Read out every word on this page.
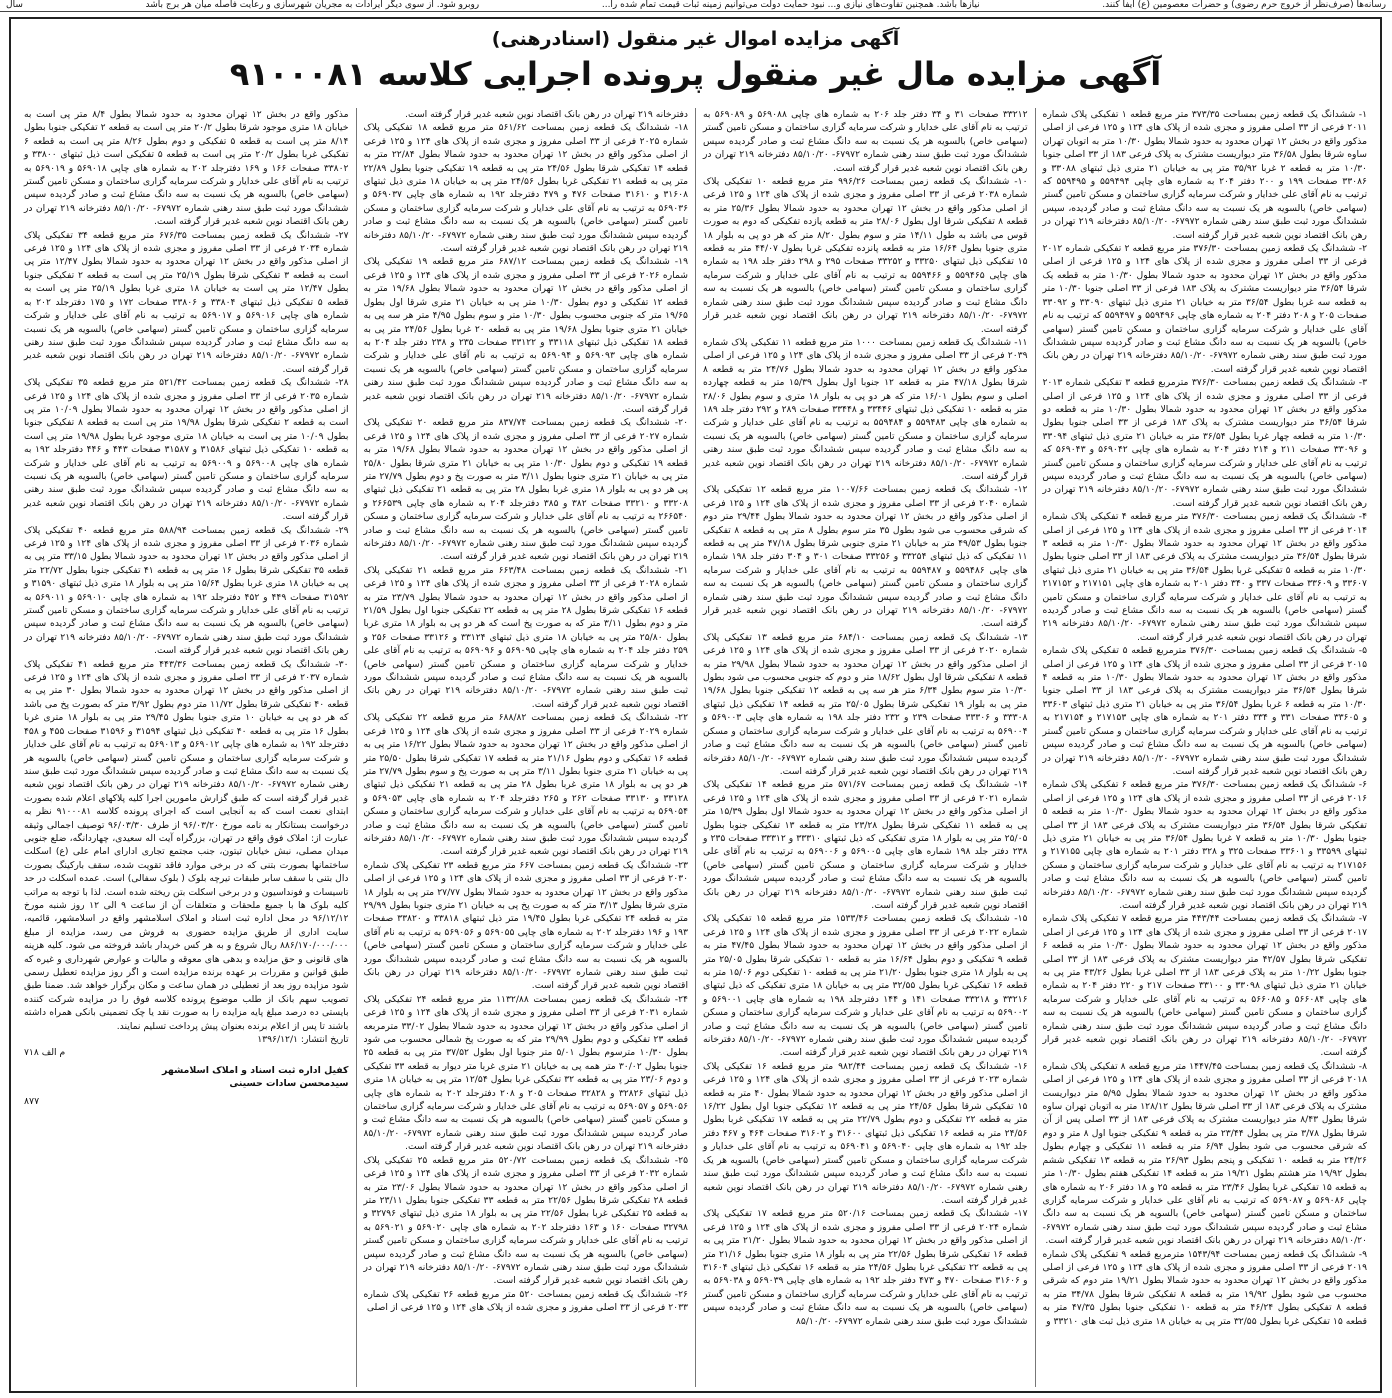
رسانه‌ها (صرف‌نظر از خروج حرم رضوی) و حضرات معصومین (ع) ایفا کنند.
نیازها باشد. همچنین تفاوت‌های نیازی و... نبود حمایت دولت می‌توانیم زمینه ثبات قیمت تمام شده را...
روبرو شود. از سوی دیگر ایرادات به مجریان شهرسازی و رعایت فاصله میان هر برج باشد
سال
آگهی مزایده اموال غیر منقول (اسنادرهنی)
آگهی مزایده مال غیر منقول پرونده اجرایی کلاسه ۹۱۰۰۰۸۱

۱- ششدانگ یک قطعه زمین بمساحت ۳۷۳/۳۵ متر مربع قطعه ۱ تفکیکی پلاک شماره ۲۰۱۱ فرعی از ۳۳ اصلی مفروز و مجزی شده از پلاک های ۱۲۴ و ۱۲۵ فرعی از اصلی مذکور واقع در بخش ۱۲ تهران محدود به حدود شمالا بطول ۱۰/۳۰ متر به اتوبان تهران ساوه شرقا بطول ۳۶/۵۸ متر دیواریست مشترک به پلاک فرعی ۱۸۳ از ۳۳ اصلی جنوبا ۱۰/۳۰ متر به قطعه ۲ غربا ۳۵/۹۲ متر پی به خیابان ۲۱ متری ذیل ثبتهای ۳۳۰۸۸ و ۳۳۰۸۶ صفحات ۱۹۹ و ۲۰۰ دفتر ۲۰۴ به شماره های چاپی ۵۵۹۴۹۴ و ۵۵۹۴۹۵ که ترتیب به نام آقای علی خدایار و شرکت سرمایه گزاری ساختمان و مسکن تامین گستر (سهامی خاص) بالسویه هر یک نسبت به سه دانگ مشاع ثبت و صادر گردیده، سپس ششدانگ مورد ثبت طبق سند رهنی شماره ۶۷۹۷۲- ۸۵/۱۰/۲۰ دفترخانه ۲۱۹ تهران در رهن بانک اقتصاد نوین شعبه غدیر قرار گرفته است.

۲- ششدانگ یک قطعه زمین بمساحت ۳۷۶/۳۰ متر مربع قطعه ۲ تفکیکی شماره ۲۰۱۲ فرعی از ۳۳ اصلی مفروز و مجزی شده از پلاک های ۱۲۴ و ۱۲۵ فرعی از اصلی مذکور واقع در بخش ۱۲ تهران محدود به حدود شمالا بطول ۱۰/۳۰ متر به قطعه یک شرقا ۳۶/۵۴ متر دیواریست مشترک به پلاک ۱۸۳ فرعی از ۳۳ اصلی جنوبا ۱۰/۳۰ متر به قطعه سه غربا بطول ۳۶/۵۴ متر به خیابان ۲۱ متری ذیل ثبتهای ۳۳۰۹۰ و ۳۳۰۹۲ صفحات ۲۰۵ و ۲۰۸ دفتر ۲۰۴ به شماره های چاپی ۵۵۹۴۹۶ و ۵۵۹۴۹۷ که ترتیب به نام آقای علی خدایار و شرکت سرمایه گزاری ساختمان و مسکن تامین گستر (سهامی خاص) بالسویه هر یک نسبت به سه دانگ مشاع ثبت و صادر گردیده سپس ششدانگ مورد ثبت طبق سند رهنی شماره ۶۷۹۷۲- ۸۵/۱۰/۲۰ دفترخانه ۲۱۹ تهران در رهن بانک اقتصاد نوین شعبه غدیر قرار گرفته است.

۳- ششدانگ یک قطعه زمین بمساحت ۳۷۶/۳۰ مترمربع قطعه ۳ تفکیکی شماره ۲۰۱۳ فرعی از ۳۳ اصلی مفروز و مجزی شده از پلاک های ۱۲۴ و ۱۲۵ فرعی از اصلی مذکور واقع در بخش ۱۲ تهران محدود به حدود شمالا بطول ۱۰/۳۰ متر به قطعه دو شرقا ۳۶/۵۴ متر دیواریست مشترک به پلاک ۱۸۳ فرعی از ۳۳ اصلی جنوبا بطول ۱۰/۳۰ متر به قطعه چهار غربا بطول ۳۶/۵۴ متر به خیابان ۲۱ متری ذیل ثبتهای ۳۳۰۹۴ و ۳۳۰۹۶ صفحات ۲۱۱ و ۲۱۴ دفتر ۲۰۴ به شماره های چاپی ۵۶۹۰۴۲ و ۵۶۹۰۴۳ که ترتیب به نام آقای علی خدایار و شرکت سرمایه گزاری ساختمان و مسکن تامین گستر (سهامی خاص) بالسویه هر یک نسبت به سه دانگ مشاع ثبت و صادر گردیده سپس ششدانگ مورد ثبت طبق سند رهنی شماره ۶۷۹۷۲- ۸۵/۱۰/۲۰ دفترخانه ۲۱۹ تهران در رهن بانک اقتصاد نوین شعبه غدیر قرار گرفته است.

۴- ششدانگ یک قطعه زمین بمساحت ۳۷۶/۳۰ متر مربع قطعه ۴ تفکیکی پلاک شماره ۲۰۱۴ فرعی از ۳۳ اصلی مفروز و مجزی شده از پلاک های ۱۲۴ و ۱۲۵ فرعی از اصلی مذکور واقع در بخش ۱۲ تهران محدود به حدود شمالا بطول ۱۰/۳۰ متر به قطعه ۳ شرقا بطول ۳۶/۵۴ متر دیواریست مشترک به پلاک فرعی ۱۸۳ از ۳۳ اصلی جنوبا بطول ۱۰/۳۰ متر به قطعه ۵ تفکیکی غربا بطول ۳۶/۵۴ متر پی به خیابان ۲۱ متری ذیل ثبتهای ۳۳۶۰۷ و ۳۳۶۰۹ صفحات ۳۳۷ و ۳۴۰ دفتر ۲۰۱ به شماره های چاپی ۲۱۷۱۵۱ و ۲۱۷۱۵۲ به ترتیب به نام آقای علی خدایار و شرکت سرمایه گزاری ساختمان و مسکن تامین گستر (سهامی خاص) بالسویه هر یک نسبت به سه دانگ مشاع ثبت و صادر گردیده سپس ششدانگ مورد ثبت طبق سند رهنی شماره ۶۷۹۷۲- ۸۵/۱۰/۲۰ دفترخانه ۲۱۹ تهران در رهن بانک اقتصاد نوین شعبه غدیر قرار گرفته است.

۵- ششدانگ یک قطعه زمین بمساحت ۳۷۶/۳۰ مترمربع قطعه ۵ تفکیکی پلاک شماره ۲۰۱۵ فرعی از ۳۳ اصلی مفروز و مجزی شده از پلاک های ۱۲۴ و ۱۲۵ فرعی از اصلی مذکور واقع در بخش ۱۲ تهران محدود به حدود شمالا بطول ۱۰/۳۰ متر به قطعه ۴ شرقا بطول ۳۶/۵۴ متر دیواریست مشترک به پلاک فرعی ۱۸۳ از ۳۳ اصلی جنوبا ۱۰/۳۰ متر به قطعه ۶ غربا بطول ۳۶/۵۴ متر پی به خیابان ۲۱ متری ذیل ثبتهای ۳۳۶۰۳ و ۳۳۶۰۵ صفحات ۳۳۱ و ۳۳۴ دفتر ۲۰۱ به شماره های چاپی ۲۱۷۱۵۳ و ۲۱۷۱۵۴ به ترتیب به نام آقای علی خدایار و شرکت سرمایه گزاری ساختمان و مسکن تامین گستر (سهامی خاص) بالسویه هر یک نسبت به سه دانگ مشاع ثبت و صادر گردیده سپس ششدانگ مورد ثبت طبق سند رهنی شماره ۶۷۹۷۲- ۸۵/۱۰/۲۰ دفترخانه ۲۱۹ تهران در رهن بانک اقتصاد نوین شعبه غدیر قرار گرفته است.

۶- ششدانگ یک قطعه زمین بمساحت ۳۷۶/۳۰ متر مربع قطعه ۶ تفکیکی پلاک شماره ۲۰۱۶ فرعی از ۳۳ اصلی مفروز و مجزی شده از پلاک های ۱۲۴ و ۱۲۵ فرعی از اصلی مذکور واقع در بخش ۱۲ تهران محدود به حدود شمالا بطول ۱۰/۳۰ متر به قطعه ۵ تفکیکی شرقا بطول ۳۶/۵۴ متر دیواریست مشترک به پلاک فرعی ۱۸۳ از ۳۳ اصلی جنوبا بطول ۱۰/۳۰ متر به قطعه ۷ غربا بطول ۳۶/۵۴ متر پی به خیابان ۲۱ متری ذیل ثبتهای ۳۳۵۹۹ و ۳۳۶۰۱ صفحات ۳۲۵ و ۳۲۸ دفتر ۲۰۱ به شماره های چاپی ۲۱۷۱۵۵ و ۲۱۷۱۵۶ به ترتیب به نام آقای علی خدایار و شرکت سرمایه گزاری ساختمان و مسکن تامین گستر (سهامی خاص) بالسویه هر یک نسبت به سه دانگ مشاع ثبت و صادر گردیده سپس ششدانگ مورد ثبت طبق سند رهنی شماره ۶۷۹۷۲- ۸۵/۱۰/۲۰ دفترخانه ۲۱۹ تهران در رهن بانک اقتصاد نوین شعبه غدیر قرار گرفته است.

۷- ششدانگ یک قطعه زمین بمساحت ۴۴۳/۴۴ متر مربع قطعه ۷ تفکیکی پلاک شماره ۲۰۱۷ فرعی از ۳۳ اصلی مفروز و مجزی شده از پلاک های ۱۲۴ و ۱۲۵ فرعی از اصلی مذکور واقع در بخش ۱۲ تهران محدود به حدود شمالا بطول ۱۰/۳۰ متر به قطعه ۶ تفکیکی شرقا بطول ۴۲/۵۷ متر دیواریست مشترک به پلاک فرعی ۱۸۳ از ۳۳ اصلی جنوبا بطول ۱۰/۲۲ متر به پلاک فرعی ۱۸۳ از ۳۳ اصلی غربا بطول ۴۳/۲۶ متر پی به خیابان ۲۱ متری ذیل ثبتهای ۳۳۰۹۸ و ۳۳۱۰۰ صفحات ۲۱۷ و ۲۲۰ دفتر ۲۰۴ به شماره های چاپی ۵۶۶۰۸۴ و ۵۶۶۰۸۵ به ترتیب به نام آقای علی خدایار و شرکت سرمایه گزاری ساختمان و مسکن تامین گستر (سهامی خاص) بالسویه هر یک نسبت به سه دانگ مشاع ثبت و صادر گردیده سپس ششدانگ مورد ثبت طبق سند رهنی شماره ۶۷۹۷۲- ۸۵/۱۰/۲۰ دفترخانه ۲۱۹ تهران در رهن بانک اقتصاد نوین شعبه غدیر قرار گرفته است.

۸- ششدانگ یک قطعه زمین بمساحت ۱۴۴۷/۴۵ متر مربع قطعه ۸ تفکیکی پلاک شماره ۲۰۱۸ فرعی از ۳۳ اصلی مفروز و مجزی شده از پلاک های ۱۲۴ و ۱۲۵ فرعی از اصلی مذکور واقع در بخش ۱۲ تهران محدود به حدود شمالا بطول ۵/۹۵ متر دیواریست مشترک به پلاک فرعی ۱۸۳ از ۳۳ اصلی شرقا بطول ۱۲۸/۱۲ متر به اتوبان تهران ساوه شرقا بطول ۸/۴۳ متر دیواریست مشترک به پلاک فرعی ۱۸۳ از ۳۳ اصلی پس از آن شرقا بطول ۳/۷۸ متر پی بطول ۲۳/۴۴ متر به قطعه ۹ تفکیکی جنوبا اول ۸ متر و دوم که شرقی محسوب می شود بطول ۶/۹۴ متر به قطعه ۱۱ تفکیکی و چهارم بطول ۲۴/۲۶ متر به قطعه ۱۰ تفکیکی و پنجم بطول ۲۶/۹۳ متر به قطعه ۱۳ تفکیکی ششم بطول ۱۹/۹۲ متر هشتم بطول ۱۹/۲۱ متر به قطعه ۱۴ تفکیکی هفتم بطول ۱۰/۳۰ متر به قطعه ۱۵ تفکیکی غربا بطول ۲۳/۴۶ متر به قطعه ۲۵ و ۱۸ دفتر ۲۰۶ به شماره های چاپی ۵۶۹۰۸۶ و ۵۶۹۰۸۷ که ترتیب به نام آقای علی خدایار و شرکت سرمایه گزاری ساختمان و مسکن تامین گستر (سهامی خاص) بالسویه هر یک نسبت به سه دانگ مشاع ثبت و صادر گردیده سپس ششدانگ مورد ثبت طبق سند رهنی شماره ۶۷۹۷۲- ۸۵/۱۰/۲۰ دفترخانه ۲۱۹ تهران در رهن بانک اقتصاد نوین شعبه غدیر قرار گرفته است.

۹- ششدانگ یک قطعه زمین بمساحت ۱۵۴۳/۹۴ مترمربع قطعه ۹ تفکیکی پلاک شماره ۲۰۱۹ فرعی از ۳۳ اصلی مفروز و مجزی شده از پلاک های ۱۲۴ و ۱۲۵ فرعی از اصلی مذکور واقع در بخش ۱۲ تهران محدود به حدود شمالا بطول ۱۹/۲۱ متر دوم که شرقی محسوب می شود بطول ۱۹/۹۲ متر به قطعه ۸ تفکیکی شرقا بطول ۳۴/۷۸ متر به قطعه ۸ تفکیکی بطول ۴۶/۲۴ متر به قطعه ۱۰ تفکیکی جنوبا بطول ۴۷/۳۵ متر به قطعه ۱۵ تفکیکی غربا بطول ۳۲/۵۵ متر پی به خیابان ۱۸ متری ذیل ثبت های ۳۳۲۱۰ و

۳۳۲۱۲ صفحات ۳۱ و ۳۴ دفتر جلد ۲۰۶ به شماره های چاپی ۵۶۹۰۸۸ و ۵۶۹۰۸۹ به ترتیب به نام آقای علی خدایار و شرکت سرمایه گزاری ساختمان و مسکن تامین گستر (سهامی خاص) بالسویه هر یک نسبت به سه دانگ مشاع ثبت و صادر گردیده سپس ششدانگ مورد ثبت طبق سند رهنی شماره ۶۷۹۷۲- ۸۵/۱۰/۲۰ دفترخانه ۲۱۹ تهران در رهن بانک اقتصاد نوین شعبه غدیر قرار گرفته است.

۱۰- ششدانگ یک قطعه زمین بمساحت ۹۹۶/۲۶ متر مربع قطعه ۱۰ تفکیکی پلاک شماره ۲۰۳۸ فرعی از ۳۳ اصلی مفروز و مجزی شده از پلاک های ۱۲۴ و ۱۲۵ فرعی از اصلی مذکور واقع در بخش ۱۲ تهران محدود به حدود شمالا بطول ۲۵/۳۶ متر به قطعه ۸ تفکیکی شرقا اول بطول ۲۸/۰۶ متر به قطعه یازده تفکیکی که دوم به صورت قوس می باشد به طول ۱۴/۱۱ متر و سوم بطول ۸/۲۰ متر که هر دو پی به بلوار ۱۸ متری جنوبا بطول ۱۶/۶۴ متر به قطعه پانزده تفکیکی غربا بطول ۴۴/۰۷ متر به قطعه ۱۵ تفکیکی ذیل ثبتهای ۳۳۲۵۰ و ۳۳۲۵۲ صفحات ۲۹۵ و ۲۹۸ دفتر جلد ۱۹۸ به شماره های چاپی ۵۵۹۴۶۵ و ۵۵۹۴۶۶ به ترتیب به نام آقای علی خدایار و شرکت سرمایه گزاری ساختمان و مسکن تامین گستر (سهامی خاص) بالسویه هر یک نسبت به سه دانگ مشاع ثبت و صادر گردیده سپس ششدانگ مورد ثبت طبق سند رهنی شماره ۶۷۹۷۲- ۸۵/۱۰/۲۰ دفترخانه ۲۱۹ تهران در رهن بانک اقتصاد نوین شعبه غدیر قرار گرفته است.

۱۱- ششدانگ یک قطعه زمین بمساحت ۱۰۰۰ متر مربع قطعه ۱۱ تفکیکی پلاک شماره ۲۰۳۹ فرعی از ۳۳ اصلی مفروز و مجزی شده از پلاک های ۱۲۴ و ۱۲۵ فرعی از اصلی مذکور واقع در بخش ۱۲ تهران محدود به حدود شمالا بطول ۲۴/۷۶ متر به قطعه ۸ شرقا بطول ۴۷/۱۸ متر به قطعه ۱۲ جنوبا اول بطول ۱۵/۳۹ متر به قطعه چهارده اصلی و سوم بطول ۱۶/۰۱ متر که هر دو پی به بلوار ۱۸ متری و سوم بطول ۲۸/۰۶ متر به قطعه ۱۰ تفکیکی ذیل ثبتهای ۳۳۴۴۶ و ۳۳۴۴۸ صفحات ۲۸۹ و ۲۹۲ دفتر جلد ۱۸۹ به شماره های چاپی ۵۵۹۴۸۳ و ۵۵۹۴۸۴ به ترتیب به نام آقای علی خدایار و شرکت سرمایه گزاری ساختمان و مسکن تامین گستر (سهامی خاص) بالسویه هر یک نسبت به سه دانگ مشاع ثبت و صادر گردیده سپس ششدانگ مورد ثبت طبق سند رهنی شماره ۶۷۹۷۲- ۸۵/۱۰/۲۰ دفترخانه ۲۱۹ تهران در رهن بانک اقتصاد نوین شعبه غدیر قرار گرفته است.

۱۲- ششدانگ یک قطعه زمین بمساحت ۱۰۰۷/۶۶ متر مربع قطعه ۱۲ تفکیکی پلاک شماره ۲۰۴۰ فرعی از ۳۳ اصلی مفروز و مجزی شده از پلاک های ۱۲۴ و ۱۲۵ فرعی از اصلی مذکور واقع در بخش ۱۲ تهران محدود به حدود شمالا بطول ۲۹/۴۴ متر دوم که شرقی محسوب می شود بطول ۳۵ متر سوم بطول ۸ متر پی به قطعه ۸ تفکیکی جنوبا بطول ۴۹/۵۳ متر به خیابان ۲۱ متری جنوبی شرقا بطول ۴۷/۱۸ متر پی به قطعه ۱۱ تفکیکی که ذیل ثبتهای ۳۳۲۵۴ و ۳۳۲۵۶ صفحات ۳۰۱ و ۳۰۴ دفتر جلد ۱۹۸ شماره های چاپی ۵۵۹۴۸۶ و ۵۵۹۴۸۷ به ترتیب به نام آقای علی خدایار و شرکت سرمایه گزاری ساختمان و مسکن تامین گستر (سهامی خاص) بالسویه هر یک نسبت به سه دانگ مشاع ثبت و صادر گردیده سپس ششدانگ مورد ثبت طبق سند رهنی شماره ۶۷۹۷۲- ۸۵/۱۰/۲۰ دفترخانه ۲۱۹ تهران در رهن بانک اقتصاد نوین شعبه غدیر قرار گرفته است.

۱۳- ششدانگ یک قطعه زمین بمساحت ۶۸۴/۱۰ متر مربع قطعه ۱۳ تفکیکی پلاک شماره ۲۰۲۰ فرعی از ۳۳ اصلی مفروز و مجزی شده از پلاک های ۱۲۴ و ۱۲۵ فرعی از اصلی مذکور واقع در بخش ۱۲ تهران محدود به حدود شمالا بطول ۲۹/۹۸ متر به قطعه ۸ تفکیکی شرقا اول بطول ۱۸/۶۲ متر و دوم که جنوبی محسوب می شود بطول ۱۰/۳۰ متر سوم بطول ۶/۳۴ متر هر سه پی به قطعه ۱۲ تفکیکی جنوبا بطول ۱۹/۶۸ متر پی به بلوار ۱۹ تفکیکی شرقا بطول ۲۵/۰۵ متر به قطعه ۱۴ تفکیکی ذیل ثبتهای ۳۳۳۰۸ و ۳۳۳۰۶ صفحات ۲۳۹ و ۲۳۲ دفتر جلد ۱۹۸ به شماره های چاپی ۵۶۹۰۰۳ و ۵۶۹۰۰۴ به ترتیب به نام آقای علی خدایار و شرکت سرمایه گزاری ساختمان و مسکن تامین گستر (سهامی خاص) بالسویه هر یک نسبت به سه دانگ مشاع ثبت و صادر گردیده سپس ششدانگ مورد ثبت طبق سند رهنی شماره ۶۷۹۷۲- ۸۵/۱۰/۲۰ دفترخانه ۲۱۹ تهران در رهن بانک اقتصاد نوین شعبه غدیر قرار گرفته است.

۱۴- ششدانگ یک قطعه زمین بمساحت ۵۷۱/۶۷ متر مربع قطعه ۱۴ تفکیکی پلاک شماره ۲۰۲۱ فرعی از ۳۳ اصلی مفروز و مجزی شده از پلاک های ۱۲۴ و ۱۲۵ فرعی از اصلی مذکور واقع در بخش ۱۲ تهران محدود به حدود شمالا اول بطول ۱۵/۳۹ متر پی به قطعه ۱۱ تفکیکی شرقا بطول ۲۳/۲۸ متر به قطعه ۱۳ تفکیکی جنوبا بطول ۲۵/۰۵ متر پی به بلوار ۱۸ متری تفکیکی که ذیل ثبتهای ۳۳۳۱۰ و ۳۳۳۱۲ صفحات ۲۳۵ و ۲۳۸ دفتر جلد ۱۹۸ شماره های چاپی ۵۶۹۰۰۵ و ۵۶۹۰۰۶ به ترتیب به نام آقای علی خدایار و شرکت سرمایه گزاری ساختمان و مسکن تامین گستر (سهامی خاص) بالسویه هر یک نسبت به سه دانگ مشاع ثبت و صادر گردیده سپس ششدانگ مورد ثبت طبق سند رهنی شماره ۶۷۹۷۲- ۸۵/۱۰/۲۰ دفترخانه ۲۱۹ تهران در رهن بانک اقتصاد نوین شعبه غدیر قرار گرفته است.

۱۵- ششدانگ یک قطعه زمین بمساحت ۱۵۳۳/۴۶ متر مربع قطعه ۱۵ تفکیکی پلاک شماره ۲۰۲۲ فرعی از ۳۳ اصلی مفروز و مجزی شده از پلاک های ۱۲۴ و ۱۲۵ فرعی از اصلی مذکور واقع در بخش ۱۲ تهران محدود به حدود شمالا بطول ۴۷/۴۵ متر به قطعه ۹ تفکیکی و دوم بطول ۱۶/۶۴ متر به قطعه ۱۰ تفکیکی شرقا بطول ۲۵/۰۵ متر پی به بلوار ۱۸ متری جنوبا بطول ۲۱/۲۰ متر پی به قطعه ۱۰ تفکیکی دوم ۱۵/۰۶ متر به قطعه ۱۶ تفکیکی غربا بطول ۳۲/۵۵ متر پی به خیابان ۱۸ متری تفکیکی که ذیل ثبتهای ۳۳۲۱۶ و ۳۳۲۱۸ صفحات ۱۴۱ و ۱۴۴ دفترجلد ۱۹۸ به شماره های چاپی ۵۶۹۰۰۱ و ۵۶۹۰۰۲ به ترتیب به نام آقای علی خدایار و شرکت سرمایه گزاری ساختمان و مسکن تامین گستر (سهامی خاص) بالسویه هر یک نسبت به سه دانگ مشاع ثبت و صادر گردیده سپس ششدانگ مورد ثبت طبق سند رهنی شماره ۶۷۹۷۲- ۸۵/۱۰/۲۰ دفترخانه ۲۱۹ تهران در رهن بانک اقتصاد نوین شعبه غدیر قرار گرفته است.

۱۶- ششدانگ یک قطعه زمین بمساحت ۹۸۲/۴۴ متر مربع قطعه ۱۶ تفکیکی پلاک شماره ۲۰۲۳ فرعی از ۳۳ اصلی مفروز و مجزی شده از پلاک های ۱۲۴ و ۱۲۵ فرعی از اصلی مذکور واقع در بخش ۱۲ تهران محدود به حدود شمالا بطول ۴۰ متر به قطعه ۱۵ تفکیکی شرقا بطول ۲۴/۵۶ متر پی به قطعه ۱۲ تفکیکی جنوبا اول بطول ۱۶/۲۲ متر به قطعه ۲۲ تفکیکی و دوم بطول ۲۲/۷۹ متر پی به قطعه ۱۷ تفکیکی غربا بطول ۲۴/۵۶ متر به قطعه ۱۶ تفکیکی ذیل ثبتهای ۳۱۶۰۰ و ۳۱۶۰۲ صفحات ۴۶۴ و ۴۶۷ دفتر جلد ۱۹۲ به شماره های چاپی ۵۶۹۰۴۰ و ۵۶۹۰۴۱ به ترتیب به نام آقای علی خدایار و شرکت سرمایه گزاری ساختمان و مسکن تامین گستر (سهامی خاص) بالسویه هر یک نسبت به سه دانگ مشاع ثبت و صادر گردیده سپس ششدانگ مورد ثبت طبق سند رهنی شماره ۶۷۹۷۲- ۸۵/۱۰/۲۰ دفترخانه ۲۱۹ تهران در رهن بانک اقتصاد نوین شعبه غدیر قرار گرفته است.

۱۷- ششدانگ یک قطعه زمین بمساحت ۵۲۰/۱۶ متر مربع قطعه ۱۷ تفکیکی پلاک شماره ۲۰۲۴ فرعی از ۳۳ اصلی مفروز و مجزی شده از پلاک های ۱۲۴ و ۱۲۵ فرعی از اصلی مذکور واقع در بخش ۱۲ تهران محدود به حدود شمالا بطول ۲۱/۲۰ متر پی به قطعه ۱۶ تفکیکی شرقا بطول ۲۲/۵۶ متر پی به بلوار ۱۸ متری جنوبا بطول ۲۱/۱۶ متر پی به قطعه ۲۲ تفکیکی غربا بطول ۲۴/۵۶ متر به قطعه ۱۶ تفکیکی ذیل ثبتهای ۳۱۶۰۴ و ۳۱۶۰۶ صفحات ۴۷۰ و ۴۷۳ دفتر جلد ۱۹۲ به شماره های چاپی ۵۶۹۰۳۹ و ۵۶۹۰۳۸ به ترتیب به نام آقای علی خدایار و شرکت سرمایه گزاری ساختمان و مسکن تامین گستر (سهامی خاص) بالسویه هر یک نسبت به سه دانگ مشاع ثبت و صادر گردیده سپس ششدانگ مورد ثبت طبق سند رهنی شماره ۶۷۹۷۲- ۸۵/۱۰/۲۰

دفترخانه ۲۱۹ تهران در رهن بانک اقتصاد نوین شعبه غدیر قرار گرفته است.

۱۸- ششدانگ یک قطعه زمین بمساحت ۵۶۱/۶۲ متر مربع قطعه ۱۸ تفکیکی پلاک شماره ۲۰۲۵ فرعی از ۳۳ اصلی مفروز و مجزی شده از پلاک های ۱۲۴ و ۱۲۵ فرعی از اصلی مذکور واقع در بخش ۱۲ تهران محدود به حدود شمالا بطول ۲۲/۸۴ متر به قطعه ۱۴ تفکیکی شرقا بطول ۲۴/۵۶ متر پی به قطعه ۱۹ تفکیکی جنوبا بطول ۲۲/۸۹ متر پی به قطعه ۲۱ تفکیکی غربا بطول ۲۴/۵۶ متر پی به خیابان ۱۸ متری ذیل ثبتهای ۳۱۶۰۸ و ۳۱۶۱۰ صفحات ۴۷۶ و ۴۷۹ دفترجلد ۱۹۲ به شماره های چاپی ۵۶۹۰۳۷ و ۵۶۹۰۳۶ به ترتیب به نام آقای علی خدایار و شرکت سرمایه گزاری ساختمان و مسکن تامین گستر (سهامی خاص) بالسویه هر یک نسبت به سه دانگ مشاع ثبت و صادر گردیده سپس ششدانگ مورد ثبت طبق سند رهنی شماره ۶۷۹۷۲- ۸۵/۱۰/۲۰ دفترخانه ۲۱۹ تهران در رهن بانک اقتصاد نوین شعبه غدیر قرار گرفته است.

۱۹- ششدانگ یک قطعه زمین بمساحت ۶۸۷/۱۲ متر مربع قطعه ۱۹ تفکیکی پلاک شماره ۲۰۲۶ فرعی از ۳۳ اصلی مفروز و مجزی شده از پلاک های ۱۲۴ و ۱۲۵ فرعی از اصلی مذکور واقع در بخش ۱۲ تهران محدود به حدود شمالا بطول ۱۹/۶۸ متر به قطعه ۱۲ تفکیکی و دوم بطول ۱۰/۳۰ متر پی به خیابان ۲۱ متری شرقا اول بطول ۱۹/۶۵ متر که جنوبی محسوب بطول ۱۰/۳۰ متر و سوم بطول ۴/۹۵ متر هر سه پی به خیابان ۲۱ متری جنوبا بطول ۱۹/۶۸ متر پی به قطعه ۲۰ غربا بطول ۲۴/۵۶ متر پی به قطعه ۱۸ تفکیکی ذیل ثبتهای ۳۳۱۱۸ و ۳۳۱۲۲ صفحات ۲۳۵ و ۲۳۸ دفتر جلد ۲۰۴ به شماره های چاپی ۵۶۹۰۹۳ و ۵۶۹۰۹۴ به ترتیب به نام آقای علی خدایار و شرکت سرمایه گزاری ساختمان و مسکن تامین گستر (سهامی خاص) بالسویه هر یک نسبت به سه دانگ مشاع ثبت و صادر گردیده سپس ششدانگ مورد ثبت طبق سند رهنی شماره ۶۷۹۷۲- ۸۵/۱۰/۲۰ دفترخانه ۲۱۹ تهران در رهن بانک اقتصاد نوین شعبه غدیر قرار گرفته است.

۲۰- ششدانگ یک قطعه زمین بمساحت ۸۳۷/۷۴ متر مربع قطعه ۲۰ تفکیکی پلاک شماره ۲۰۲۷ فرعی از ۳۳ اصلی مفروز و مجزی شده از پلاک های ۱۲۴ و ۱۲۵ فرعی از اصلی مذکور واقع در بخش ۱۲ تهران محدود به حدود شمالا بطول ۱۹/۶۸ متر به قطعه ۱۹ تفکیکی و دوم بطول ۱۰/۳۰ متر پی به خیابان ۲۱ متری شرقا بطول ۲۵/۸۰ متر پی به خیابان ۲۱ متری جنوبا بطول ۳/۱۱ متر به صورت پخ و دوم بطول ۲۷/۷۹ متر پی هر دو پی به بلوار ۱۸ متری غربا بطول ۲۸ متر پی به قطعه ۲۱ تفکیکی ذیل ثبتهای ۳۳۲۰۸ و ۳۳۲۱۰ صفحات ۳۸۲ و ۳۸۵ دفترجلد ۲۰۴ به شماره های چاپی ۲۶۶۵۳۹ و ۲۶۶۵۴۰ به ترتیب به نام آقای علی خدایار و شرکت سرمایه گزاری ساختمان و مسکن تامین گستر (سهامی خاص) بالسویه هر یک نسبت به سه دانگ مشاع ثبت و صادر گردیده سپس ششدانگ مورد ثبت طبق سند رهنی شماره ۶۷۹۷۲- ۸۵/۱۰/۲۰ دفترخانه ۲۱۹ تهران در رهن بانک اقتصاد نوین شعبه غدیر قرار گرفته است.

۲۱- ششدانگ یک قطعه زمین بمساحت ۶۶۳/۴۸ متر مربع قطعه ۲۱ تفکیکی پلاک شماره ۲۰۲۸ فرعی از ۳۳ اصلی مفروز و مجزی شده از پلاک های ۱۲۴ و ۱۲۵ فرعی از اصلی مذکور واقع در بخش ۱۲ تهران محدود به حدود شمالا بطول ۲۳/۷۹ متر به قطعه ۱۶ تفکیکی شرقا بطول ۲۸ متر پی به قطعه ۲۲ تفکیکی جنوبا اول بطول ۲۱/۵۹ متر و دوم بطول ۳/۱۱ متر که به صورت پخ است که هر دو پی به بلوار ۱۸ متری غربا بطول ۲۵/۸۰ متر پی به خیابان ۱۸ متری ذیل ثبتهای ۳۳۱۲۴ و ۳۳۱۲۶ صفحات ۲۵۶ و ۲۵۹ دفتر جلد ۲۰۴ به شماره های چاپی ۵۶۹۰۹۵ و ۵۶۹۰۹۶ به ترتیب به نام آقای علی خدایار و شرکت سرمایه گزاری ساختمان و مسکن تامین گستر (سهامی خاص) بالسویه هر یک نسبت به سه دانگ مشاع ثبت و صادر گردیده سپس ششدانگ مورد ثبت طبق سند رهنی شماره ۶۷۹۷۲- ۸۵/۱۰/۲۰ دفترخانه ۲۱۹ تهران در رهن بانک اقتصاد نوین شعبه غدیر قرار گرفته است.

۲۲- ششدانگ یک قطعه زمین بمساحت ۶۸۸/۸۲ متر مربع قطعه ۲۲ تفکیکی پلاک شماره ۲۰۲۹ فرعی از ۳۳ اصلی مفروز و مجزی شده از پلاک های ۱۲۴ و ۱۲۵ فرعی از اصلی مذکور واقع در بخش ۱۲ تهران محدود به حدود شمالا بطول ۱۶/۲۲ متر پی به قطعه ۱۶ تفکیکی و دوم بطول ۲۱/۱۶ متر به قطعه ۱۷ تفکیکی شرقا بطول ۲۵/۵۰ متر پی به خیابان ۲۱ متری جنوبا بطول ۳/۱۱ متر پی به صورت پخ و سوم بطول ۲۷/۷۹ متر هر دو پی به بلوار ۱۸ متری غربا بطول ۲۸ متر پی به قطعه ۲۱ تفکیکی ذیل ثبتهای ۳۳۱۲۸ و ۳۳۱۳۰ صفحات ۲۶۲ و ۲۶۵ دفترجلد ۲۰۴ به شماره های چاپی ۵۶۹۰۵۳ و ۵۶۹۰۵۴ به ترتیب به نام آقای علی خدایار و شرکت سرمایه گزاری ساختمان و مسکن تامین گستر (سهامی خاص) بالسویه هر یک نسبت به سه دانگ مشاع ثبت و صادر گردیده سپس ششدانگ مورد ثبت طبق سند رهنی شماره ۶۷۹۷۲- ۸۵/۱۰/۲۰ دفترخانه ۲۱۹ تهران در رهن بانک اقتصاد نوین شعبه غدیر قرار گرفته است.

۲۳- ششدانگ یک قطعه زمین بمساحت ۶۶۷ متر مربع قطعه ۲۳ تفکیکی پلاک شماره ۲۰۳۰ فرعی از ۳۳ اصلی مفروز و مجزی شده از پلاک های ۱۲۴ و ۱۲۵ فرعی از اصلی مذکور واقع در بخش ۱۲ تهران محدود به حدود شمالا بطول ۲۷/۷۷ متر پی به بلوار ۱۸ متری شرقا بطول ۳/۱۳ متر که به صورت پخ پی به خیابان ۲۱ متری جنوبا بطول ۲۹/۹۹ متر به قطعه ۲۴ تفکیکی غربا بطول ۱۹/۴۵ متر ذیل ثبتهای ۳۳۸۱۸ و ۳۳۸۲۰ صفحات ۱۹۳ و ۱۹۶ دفترجلد ۲۰۲ به شماره های چاپی ۵۶۹۰۵۵ و ۵۶۹۰۵۶ به ترتیب به نام آقای علی خدایار و شرکت سرمایه گزاری ساختمان و مسکن تامین گستر (سهامی خاص) بالسویه هر یک نسبت به سه دانگ مشاع ثبت و صادر گردیده سپس ششدانگ مورد ثبت طبق سند رهنی شماره ۶۷۹۷۲- ۸۵/۱۰/۲۰ دفترخانه ۲۱۹ تهران در رهن بانک اقتصاد نوین شعبه غدیر قرار گرفته است.

۲۴- ششدانگ یک قطعه زمین بمساحت ۱۱۳۲/۸۸ متر مربع قطعه ۲۴ تفکیکی پلاک شماره ۲۰۳۱ فرعی از ۳۳ اصلی مفروز و مجزی شده از پلاک های ۱۲۴ و ۱۲۵ فرعی از اصلی مذکور واقع در بخش ۱۲ تهران محدود به حدود شمالا بطول ۳۳/۰۲ مترمربعه قطعه ۲۳ تفکیکی و دوم بطول ۲۹/۹۹ متر که به صورت پخ شمالی محسوب می شود بطول ۱۰/۳۰ مترسوم بطول ۵/۰۱ متر جنوبا اول بطول ۳۷/۵۲ متر پی به قطعه ۲۵ جنوبا بطول ۳۰/۰۲ متر همه پی به خیابان ۲۱ متری غربا متر دیوار به قطعه ۳۳ تفکیکی و دوم ۲۳/۰۶ متر پی به قطعه ۳۲ تفکیکی غربا بطول ۱۲/۵۴ متر پی به خیابان ۱۸ متری ذیل ثبتهای ۳۲۸۲۶ و ۳۲۸۲۸ صفحات ۲۰۵ و ۲۰۸ دفترجلد ۲۰۲ به شماره های چاپی ۵۶۹۰۵۶ و ۵۶۹۰۵۷ به ترتیب به نام آقای علی خدایار و شرکت سرمایه گزاری ساختمان و مسکن تامین گستر (سهامی خاص) بالسویه هر یک نسبت به سه دانگ مشاع ثبت و صادر گردیده سپس ششدانگ مورد ثبت طبق سند رهنی شماره ۶۷۹۷۲- ۸۵/۱۰/۲۰ دفترخانه ۲۱۹ تهران در رهن بانک اقتصاد نوین شعبه غدیر قرار گرفته است.

۲۵- ششدانگ یک قطعه زمین بمساحت ۵۲۰/۷۲ متر مربع قطعه ۲۵ تفکیکی پلاک شماره ۲۰۳۲ فرعی از ۳۳ اصلی مفروز و مجزی شده از پلاک های ۱۲۴ و ۱۲۵ فرعی از اصلی مذکور واقع در بخش ۱۲ تهران محدود به حدود شمالا بطول ۲۳/۰۶ متر به قطعه ۲۸ تفکیکی شرقا بطول ۲۲/۵۶ متر به قطعه ۳۳ تفکیکی جنوبا بطول ۲۳/۱۱ متر به قطعه ۲۵ تفکیکی غربا بطول ۲۲/۵۶ متر پی به بلوار ۱۸ متری ذیل ثبتهای ۳۲۷۹۶ و ۳۲۷۹۸ صفحات ۱۶۰ و ۱۶۳ دفترجلد ۲۰۲ به شماره های چاپی ۵۶۹۰۲۰ و ۵۶۹۰۲۱ به ترتیب به نام آقای علی خدایار و شرکت سرمایه گزاری ساختمان و مسکن تامین گستر (سهامی خاص) بالسویه هر یک نسبت به سه دانگ مشاع ثبت و صادر گردیده سپس ششدانگ مورد ثبت طبق سند رهنی شماره ۶۷۹۷۲- ۸۵/۱۰/۲۰ دفترخانه ۲۱۹ تهران در رهن بانک اقتصاد نوین شعبه غدیر قرار گرفته است.

۲۶- ششدانگ یک قطعه زمین بمساحت ۵۲۰ متر مربع قطعه ۲۶ تفکیکی پلاک شماره ۲۰۳۳ فرعی از ۳۳ اصلی مفروز و مجزی شده از پلاک های ۱۲۴ و ۱۲۵ فرعی از اصلی

مذکور واقع در بخش ۱۲ تهران محدود به حدود شمالا بطول ۸/۴ متر پی است به خیابان ۱۸ متری موجود شرقا بطول ۲۰/۲ متر پی است به قطعه ۲ تفکیکی جنوبا بطول ۸/۱۴ متر پی است به قطعه ۵ تفکیکی و دوم بطول ۸/۲۶ متر پی است به قطعه ۶ تفکیکی غربا بطول ۲۰/۲ متر پی است به قطعه ۵ تفکیکی است ذیل ثبتهای ۳۳۸۰۰ و ۳۳۸۰۲ صفحات ۱۶۶ و ۱۶۹ دفترجلد ۲۰۲ به شماره های چاپی ۵۶۹۰۱۸ و ۵۶۹۰۱۹ به ترتیب به نام آقای علی خدایار و شرکت سرمایه گزاری ساختمان و مسکن تامین گستر (سهامی خاص) بالسویه هر یک نسبت به سه دانگ مشاع ثبت و صادر گردیده سپس ششدانگ مورد ثبت طبق سند رهنی شماره ۶۷۹۷۲- ۸۵/۱۰/۲۰ دفترخانه ۲۱۹ تهران در رهن بانک اقتصاد نوین شعبه غدیر قرار گرفته است.

۲۷- ششدانگ یک قطعه زمین بمساحت ۶۷۶/۳۵ متر مربع قطعه ۳۴ تفکیکی پلاک شماره ۲۰۳۴ فرعی از ۳۳ اصلی مفروز و مجزی شده از پلاک های ۱۲۴ و ۱۲۵ فرعی از اصلی مذکور واقع در بخش ۱۲ تهران محدود به حدود شمالا بطول ۱۲/۴۷ متر پی است به قطعه ۳ تفکیکی شرقا بطول ۲۵/۱۹ متر پی است به قطعه ۲ تفکیکی جنوبا بطول ۱۲/۴۷ متر پی است به خیابان ۱۸ متری غربا بطول ۲۵/۱۹ متر پی است به قطعه ۵ تفکیکی ذیل ثبتهای ۳۳۸۰۴ و ۳۳۸۰۶ صفحات ۱۷۲ و ۱۷۵ دفترجلد ۲۰۲ به شماره های چاپی ۵۶۹۰۱۶ و ۵۶۹۰۱۷ به ترتیب به نام آقای علی خدایار و شرکت سرمایه گزاری ساختمان و مسکن تامین گستر (سهامی خاص) بالسویه هر یک نسبت به سه دانگ مشاع ثبت و صادر گردیده سپس ششدانگ مورد ثبت طبق سند رهنی شماره ۶۷۹۷۲- ۸۵/۱۰/۲۰ دفترخانه ۲۱۹ تهران در رهن بانک اقتصاد نوین شعبه غدیر قرار گرفته است.

۲۸- ششدانگ یک قطعه زمین بمساحت ۵۲۱/۴۲ متر مربع قطعه ۳۵ تفکیکی پلاک شماره ۲۰۳۵ فرعی از ۳۳ اصلی مفروز و مجزی شده از پلاک های ۱۲۴ و ۱۲۵ فرعی از اصلی مذکور واقع در بخش ۱۲ تهران محدود به حدود شمالا بطول ۱۰/۰۹ متر پی است به قطعه ۲ تفکیکی شرقا بطول ۱۹/۹۸ متر پی است به قطعه ۸ تفکیکی جنوبا بطول ۱۰/۰۹ متر پی است به خیابان ۱۸ متری موجود غربا بطول ۱۹/۹۸ متر پی است به قطعه ۱۰ تفکیکی ذیل ثبتهای ۳۱۵۸۶ و ۳۱۵۸۷ صفحات ۴۴۳ و ۴۴۶ دفترجلد ۱۹۲ به شماره های چاپی ۵۶۹۰۰۸ و ۵۶۹۰۰۹ به ترتیب به نام آقای علی خدایار و شرکت سرمایه گزاری ساختمان و مسکن تامین گستر (سهامی خاص) بالسویه هر یک نسبت به سه دانگ مشاع ثبت و صادر گردیده سپس ششدانگ مورد ثبت طبق سند رهنی شماره ۶۷۹۷۲- ۸۵/۱۰/۲۰ دفترخانه ۲۱۹ تهران در رهن بانک اقتصاد نوین شعبه غدیر قرار گرفته است.

۲۹- ششدانگ یک قطعه زمین بمساحت ۵۸۸/۹۴ متر مربع قطعه ۴۰ تفکیکی پلاک شماره ۲۰۳۶ فرعی از ۳۳ اصلی مفروز و مجزی شده از پلاک های ۱۲۴ و ۱۲۵ فرعی از اصلی مذکور واقع در بخش ۱۲ تهران محدود به حدود شمالا بطول ۳۳/۱۵ متر پی به قطعه ۳۵ تفکیکی شرقا بطول ۱۶ متر پی به قطعه ۴۱ تفکیکی جنوبا بطول ۲۲/۷۲ متر پی به خیابان ۱۸ متری غربا بطول ۱۵/۶۴ متر پی به بلوار ۱۸ متری ذیل ثبتهای ۳۱۵۹۰ و ۳۱۵۹۲ صفحات ۴۴۹ و ۴۵۲ دفترجلد ۱۹۲ به شماره های چاپی ۵۶۹۰۱۰ و ۵۶۹۰۱۱ به ترتیب به نام آقای علی خدایار و شرکت سرمایه گزاری ساختمان و مسکن تامین گستر (سهامی خاص) بالسویه هر یک نسبت به سه دانگ مشاع ثبت و صادر گردیده سپس ششدانگ مورد ثبت طبق سند رهنی شماره ۶۷۹۷۲- ۸۵/۱۰/۲۰ دفترخانه ۲۱۹ تهران در رهن بانک اقتصاد نوین شعبه غدیر قرار گرفته است.

۳۰- ششدانگ یک قطعه زمین بمساحت ۴۴۳/۳۶ متر مربع قطعه ۴۱ تفکیکی پلاک شماره ۲۰۳۷ فرعی از ۳۳ اصلی مفروز و مجزی شده از پلاک های ۱۲۴ و ۱۲۵ فرعی از اصلی مذکور واقع در بخش ۱۲ تهران محدود به حدود شمالا بطول ۳۰ متر پی به قطعه ۴۰ تفکیکی شرقا بطول ۱۱/۷۲ متر دوم بطول ۳/۹۲ متر که بصورت پخ می باشد که هر دو پی به خیابان ۱۰ متری جنوبا بطول ۲۹/۴۵ متر پی به بلوار ۱۸ متری غربا بطول ۱۶ متر پی به قطعه ۴۰ تفکیکی ذیل ثبتهای ۳۱۵۹۴ و ۳۱۵۹۶ صفحات ۴۵۵ و ۴۵۸ دفترجلد ۱۹۲ به شماره های چاپی ۵۶۹۰۱۲ و ۵۶۹۰۱۳ به ترتیب به نام آقای علی خدایار و شرکت سرمایه گزاری ساختمان و مسکن تامین گستر (سهامی خاص) بالسویه هر یک نسبت به سه دانگ مشاع ثبت و صادر گردیده سپس ششدانگ مورد ثبت طبق سند رهنی شماره ۶۷۹۷۲- ۸۵/۱۰/۲۰ دفترخانه ۲۱۹ تهران در رهن بانک اقتصاد نوین شعبه غدیر قرار گرفته است که طبق گزارش مامورین اجرا کلیه پلاکهای اعلام شده بصورت ابتدای نعمت است که به آنجایی است که اجرای پرونده کلاسه ۹۱۰۰۰۸۱ نظر به درخواست بستانکار به نامه مورخ ۹۶/۰۳/۲۰ از طرف ۹۶/۰۳/۳۰ توصیف اجمالی وثیقه عبارت از: املاک فوق واقع در تهران، بزرگراه آیت اله سعیدی، چهاردانگه، ضلع جنوبی میدان مصلی، نبش خیابان تیتون، جنب مجتمع تجاری ادارای امام علی (ع) اسکلت ساختمانها بصورت بتنی که در برخی موارد فاقد تقویت شده، سقف بارکینگ بصورت دال بتنی با سقف سابر طبقات تیرچه بلوک ( بلوک سفالی) است. عمده اسکلت در حد تاسیسات و فونداسیون و در برخی اسکلت بتن ریخته شده است. لذا با توجه به مراتب کلیه بلوک ها با جمیع ملحقات و متعلقات آن از ساعت ۹ الی ۱۲ روز شنبه مورخ ۹۶/۱۲/۱۲ در محل اداره ثبت اسناد و املاک اسلامشهر واقع در اسلامشهر، قائمیه، سایت اداری از طریق مزایده حضوری به فروش می رسد، مزایده از مبلغ ۸۸۶/۱۷۰/۰۰۰/۰۰۰ ریال شروع و به هر کس خریدار باشد فروخته می شود. کلیه هزینه های قانونی و حق مزایده و بدهی های معوقه و مالیات و عوارض شهرداری و غیره که طبق قوانین و مقررات بر عهده برنده مزایده است و اگر روز مزایده تعطیل رسمی شود مزایده روز بعد از تعطیلی در همان ساعت و مکان برگزار خواهد شد. ضمنا طبق تصویب سهم بانک از طلب موضوع پرونده کلاسه فوق را در مزایده شرکت کننده بایستی ده درصد مبلغ پایه مزایده را به صورت نقد یا چک تضمینی بانکی همراه داشته باشند تا پس از اعلام برنده بعنوان پیش پرداخت تسلیم نمایند.

تاریخ انتشار: ۱۳۹۶/۱۲/۱

م الف ۷۱۸
کفیل اداره ثبت اسناد و املاک اسلامشهر
سیدمحسن سادات حسینی
۸۷۷
